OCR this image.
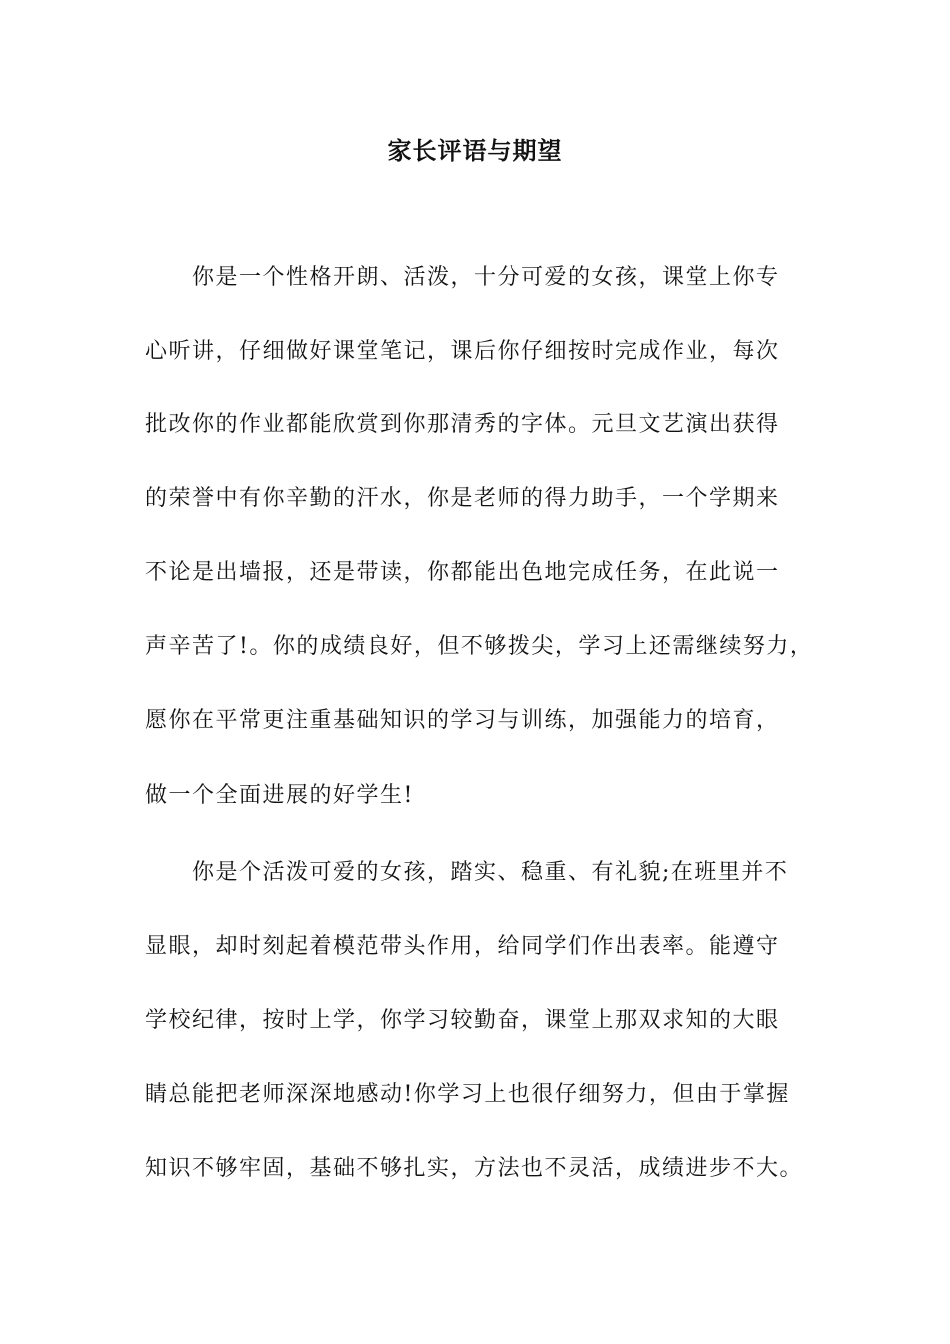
家长评语与期望
你是一个性格开朗、活泼，十分可爱的女孩，课堂上你专
心听讲，仔细做好课堂笔记，课后你仔细按时完成作业，每次
批改你的作业都能欣赏到你那清秀的字体。元旦文艺演出获得
的荣誉中有你辛勤的汗水，你是老师的得力助手，一个学期来
不论是出墙报，还是带读，你都能出色地完成任务，在此说一
声辛苦了!。你的成绩良好，但不够拨尖，学习上还需继续努力，
愿你在平常更注重基础知识的学习与训练，加强能力的培育，
做一个全面进展的好学生!
你是个活泼可爱的女孩，踏实、稳重、有礼貌;在班里并不
显眼，却时刻起着模范带头作用，给同学们作出表率。能遵守
学校纪律，按时上学，你学习较勤奋，课堂上那双求知的大眼
睛总能把老师深深地感动!你学习上也很仔细努力，但由于掌握
知识不够牢固，基础不够扎实，方法也不灵活，成绩进步不大。
